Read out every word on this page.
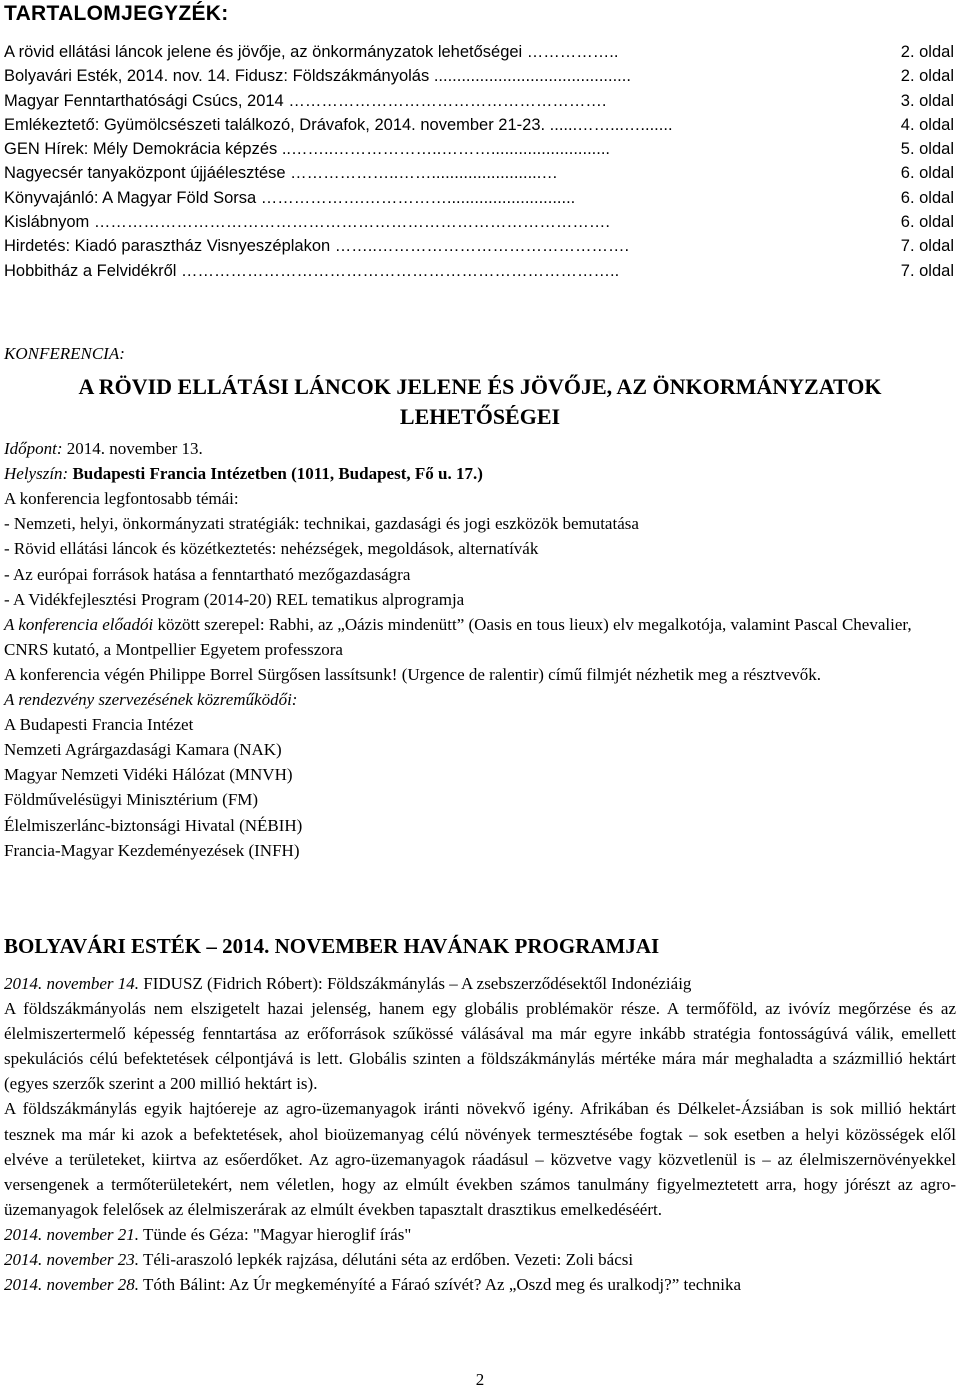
TARTALOMJEGYZÉK:
A rövid ellátási láncok jelene és jövője, az önkormányzatok lehetőségei ……………..	2. oldal
Bolyavári Esték, 2014. nov. 14. Fidusz: Földszákmányolás ...........................................	2. oldal
Magyar Fenntarthatósági Csúcs, 2014 ………………………………………………….	3. oldal
Emlékeztető: Gyümölcsészeti találkozó, Drávafok, 2014. november 21-23. ......……...….......	4. oldal
GEN Hírek: Mély Demokrácia képzés ..……..………………..………..........................	5. oldal
Nagyecsér tanyaközpont újjáélesztése ………………..……........................…	6. oldal
Könyvajánló: A Magyar Föld Sorsa ……………….……………............................	6. oldal
Kislábnyom ………………………………………………………………………………….	6. oldal
Hirdetés: Kiadó parasztház Visnyeszéplakon ……..……………………………………….	7. oldal
Hobbitház a Felvidékről ……………………………………………………………………..	7. oldal

KONFERENCIA:

A RÖVID ELLÁTÁSI LÁNCOK JELENE ÉS JÖVŐJE, AZ ÖNKORMÁNYZATOK LEHETŐSÉGEI

Időpont: 2014. november 13.

Helyszín: Budapesti Francia Intézetben (1011, Budapest, Fő u. 17.)

A konferencia legfontosabb témái:

- Nemzeti, helyi, önkormányzati stratégiák: technikai, gazdasági és jogi eszközök bemutatása

- Rövid ellátási láncok és közétkeztetés: nehézségek, megoldások, alternatívák

- Az európai források hatása a fenntartható mezőgazdaságra

- A Vidékfejlesztési Program (2014-20) REL tematikus alprogramja

A konferencia előadói között szerepel: Rabhi, az „Oázis mindenütt” (Oasis en tous lieux) elv megalkotója, valamint Pascal Chevalier, CNRS kutató, a Montpellier Egyetem professzora

A konferencia végén Philippe Borrel Sürgősen lassítsunk! (Urgence de ralentir) című filmjét nézhetik meg a résztvevők.

A rendezvény szervezésének közreműködői:

A Budapesti Francia Intézet

Nemzeti Agrárgazdasági Kamara (NAK)

Magyar Nemzeti Vidéki Hálózat (MNVH)

Földművelésügyi Minisztérium (FM)

Élelmiszerlánc-biztonsági Hivatal (NÉBIH)

Francia-Magyar Kezdeményezések (INFH)

BOLYAVÁRI ESTÉK – 2014. NOVEMBER HAVÁNAK PROGRAMJAI

2014. november 14. FIDUSZ (Fidrich Róbert): Földszákmánylás – A zsebszerződésektől Indonéziáig

A földszákmányolás nem elszigetelt hazai jelenség, hanem egy globális problémakör része. A termőföld, az ivóvíz megőrzése és az élelmiszertermelő képesség fenntartása az erőforrások szűkössé válásával ma már egyre inkább stratégia fontosságúvá válik, emellett spekulációs célú befektetések célpontjává is lett. Globális szinten a földszákmánylás mértéke mára már meghaladta a százmillió hektárt (egyes szerzők szerint a 200 millió hektárt is).

A földszákmánylás egyik hajtóereje az agro-üzemanyagok iránti növekvő igény. Afrikában és Délkelet-Ázsiában is sok millió hektárt tesznek ma már ki azok a befektetések, ahol bioüzemanyag célú növények termesztésébe fogtak – sok esetben a helyi közösségek elől elvéve a területeket, kiirtva az esőerdőket. Az agro-üzemanyagok ráadásul – közvetve vagy közvetlenül is – az élelmiszernövényekkel versengenek a termőterületekért, nem véletlen, hogy az elmúlt években számos tanulmány figyelmeztetett arra, hogy jórészt az agro-üzemanyagok felelősek az élelmiszerárak az elmúlt években tapasztalt drasztikus emelkedéséért.

2014. november 21. Tünde és Géza: "Magyar hieroglif írás"

2014. november 23. Téli-araszoló lepkék rajzása, délutáni séta az erdőben. Vezeti: Zoli bácsi

2014. november 28. Tóth Bálint: Az Úr megkeményíté a Fáraó szívét? Az „Oszd meg és uralkodj?” technika

2
